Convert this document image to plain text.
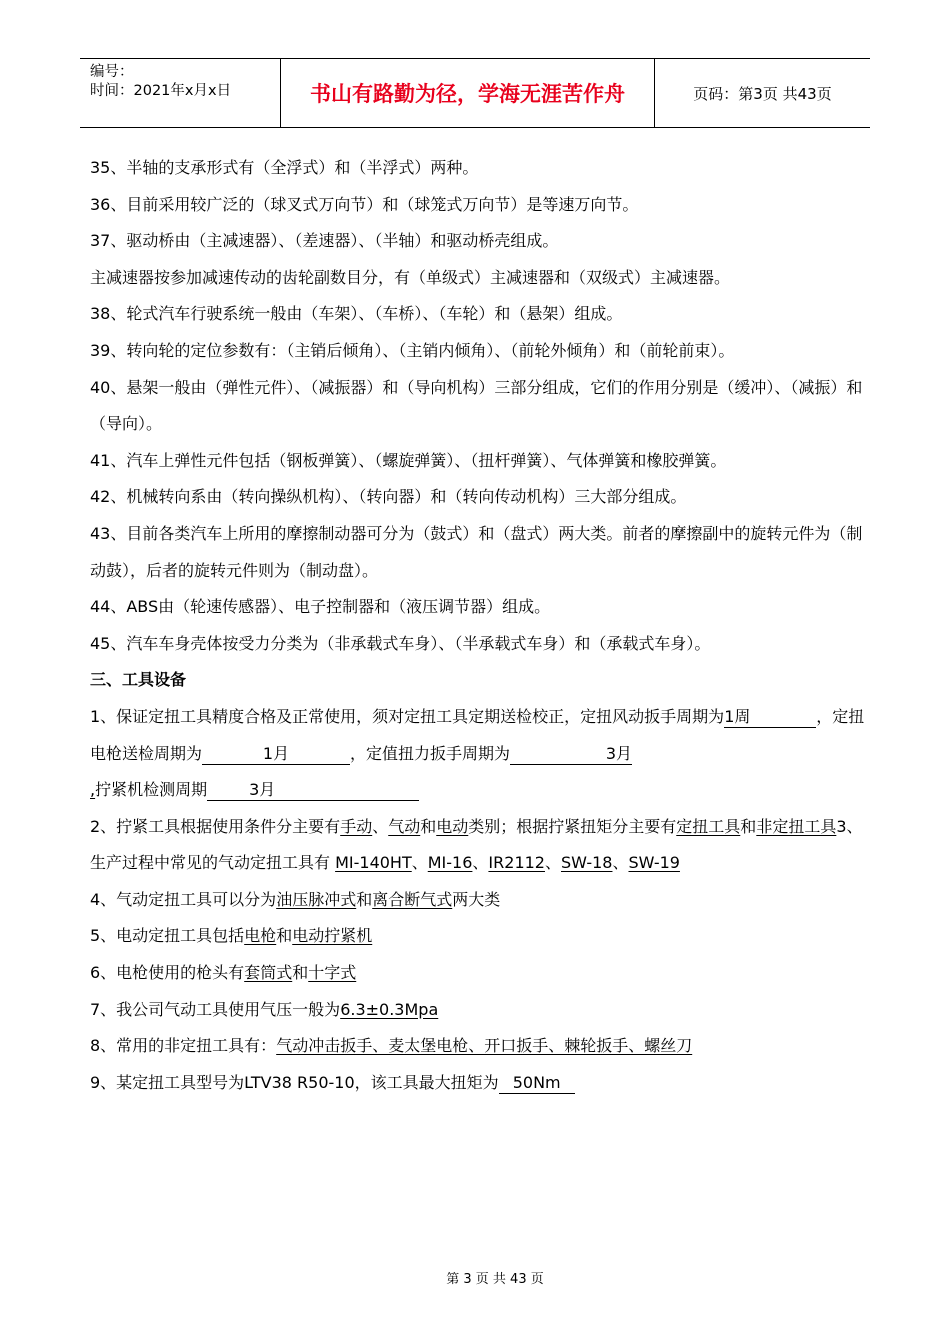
编号：
时间：2021年x月x日	书山有路勤为径，学海无涯苦作舟	页码：第3页 共43页

35、半轴的支承形式有（全浮式）和（半浮式）两种。

36、目前采用较广泛的（球叉式万向节）和（球笼式万向节）是等速万向节。

37、驱动桥由（主减速器）、（差速器）、（半轴）和驱动桥壳组成。

主减速器按参加减速传动的齿轮副数目分，有（单级式）主减速器和（双级式）主减速器。

38、轮式汽车行驶系统一般由（车架）、（车桥）、（车轮）和（悬架）组成。

39、转向轮的定位参数有：（主销后倾角）、（主销内倾角）、（前轮外倾角）和（前轮前束）。

40、悬架一般由（弹性元件）、（减振器）和（导向机构）三部分组成，它们的作用分别是（缓冲）、（减振）和（导向）。

41、汽车上弹性元件包括（钢板弹簧）、（螺旋弹簧）、（扭杆弹簧）、气体弹簧和橡胶弹簧。

42、机械转向系由（转向操纵机构）、（转向器）和（转向传动机构）三大部分组成。

43、目前各类汽车上所用的摩擦制动器可分为（鼓式）和（盘式）两大类。前者的摩擦副中的旋转元件为（制动鼓），后者的旋转元件则为（制动盘）。

44、ABS由（轮速传感器）、电子控制器和（液压调节器）组成。

45、汽车车身壳体按受力分类为（非承载式车身）、（半承载式车身）和（承载式车身）。

三、工具设备

1、保证定扭工具精度合格及正常使用，须对定扭工具定期送检校正，定扭风动扳手周期为1周	，定扭电枪送检周期为	1月	，定值扭力扳手周期为	3月
,拧紧机检测周期	3月

2、拧紧工具根据使用条件分主要有手动、气动和电动类别；根据拧紧扭矩分主要有定扭工具和非定扭工具3、生产过程中常见的气动定扭工具有 MI-140HT、MI-16、IR2112、SW-18、SW-19

4、气动定扭工具可以分为油压脉冲式和离合断气式两大类

5、电动定扭工具包括电枪和电动拧紧机

6、电枪使用的枪头有套筒式和十字式

7、我公司气动工具使用气压一般为6.3±0.3Mpa

8、常用的非定扭工具有：气动冲击扳手、麦太堡电枪、开口扳手、棘轮扳手、螺丝刀

9、某定扭工具型号为LTV38 R50-10，该工具最大扭矩为 50Nm

第 3 页 共 43 页
